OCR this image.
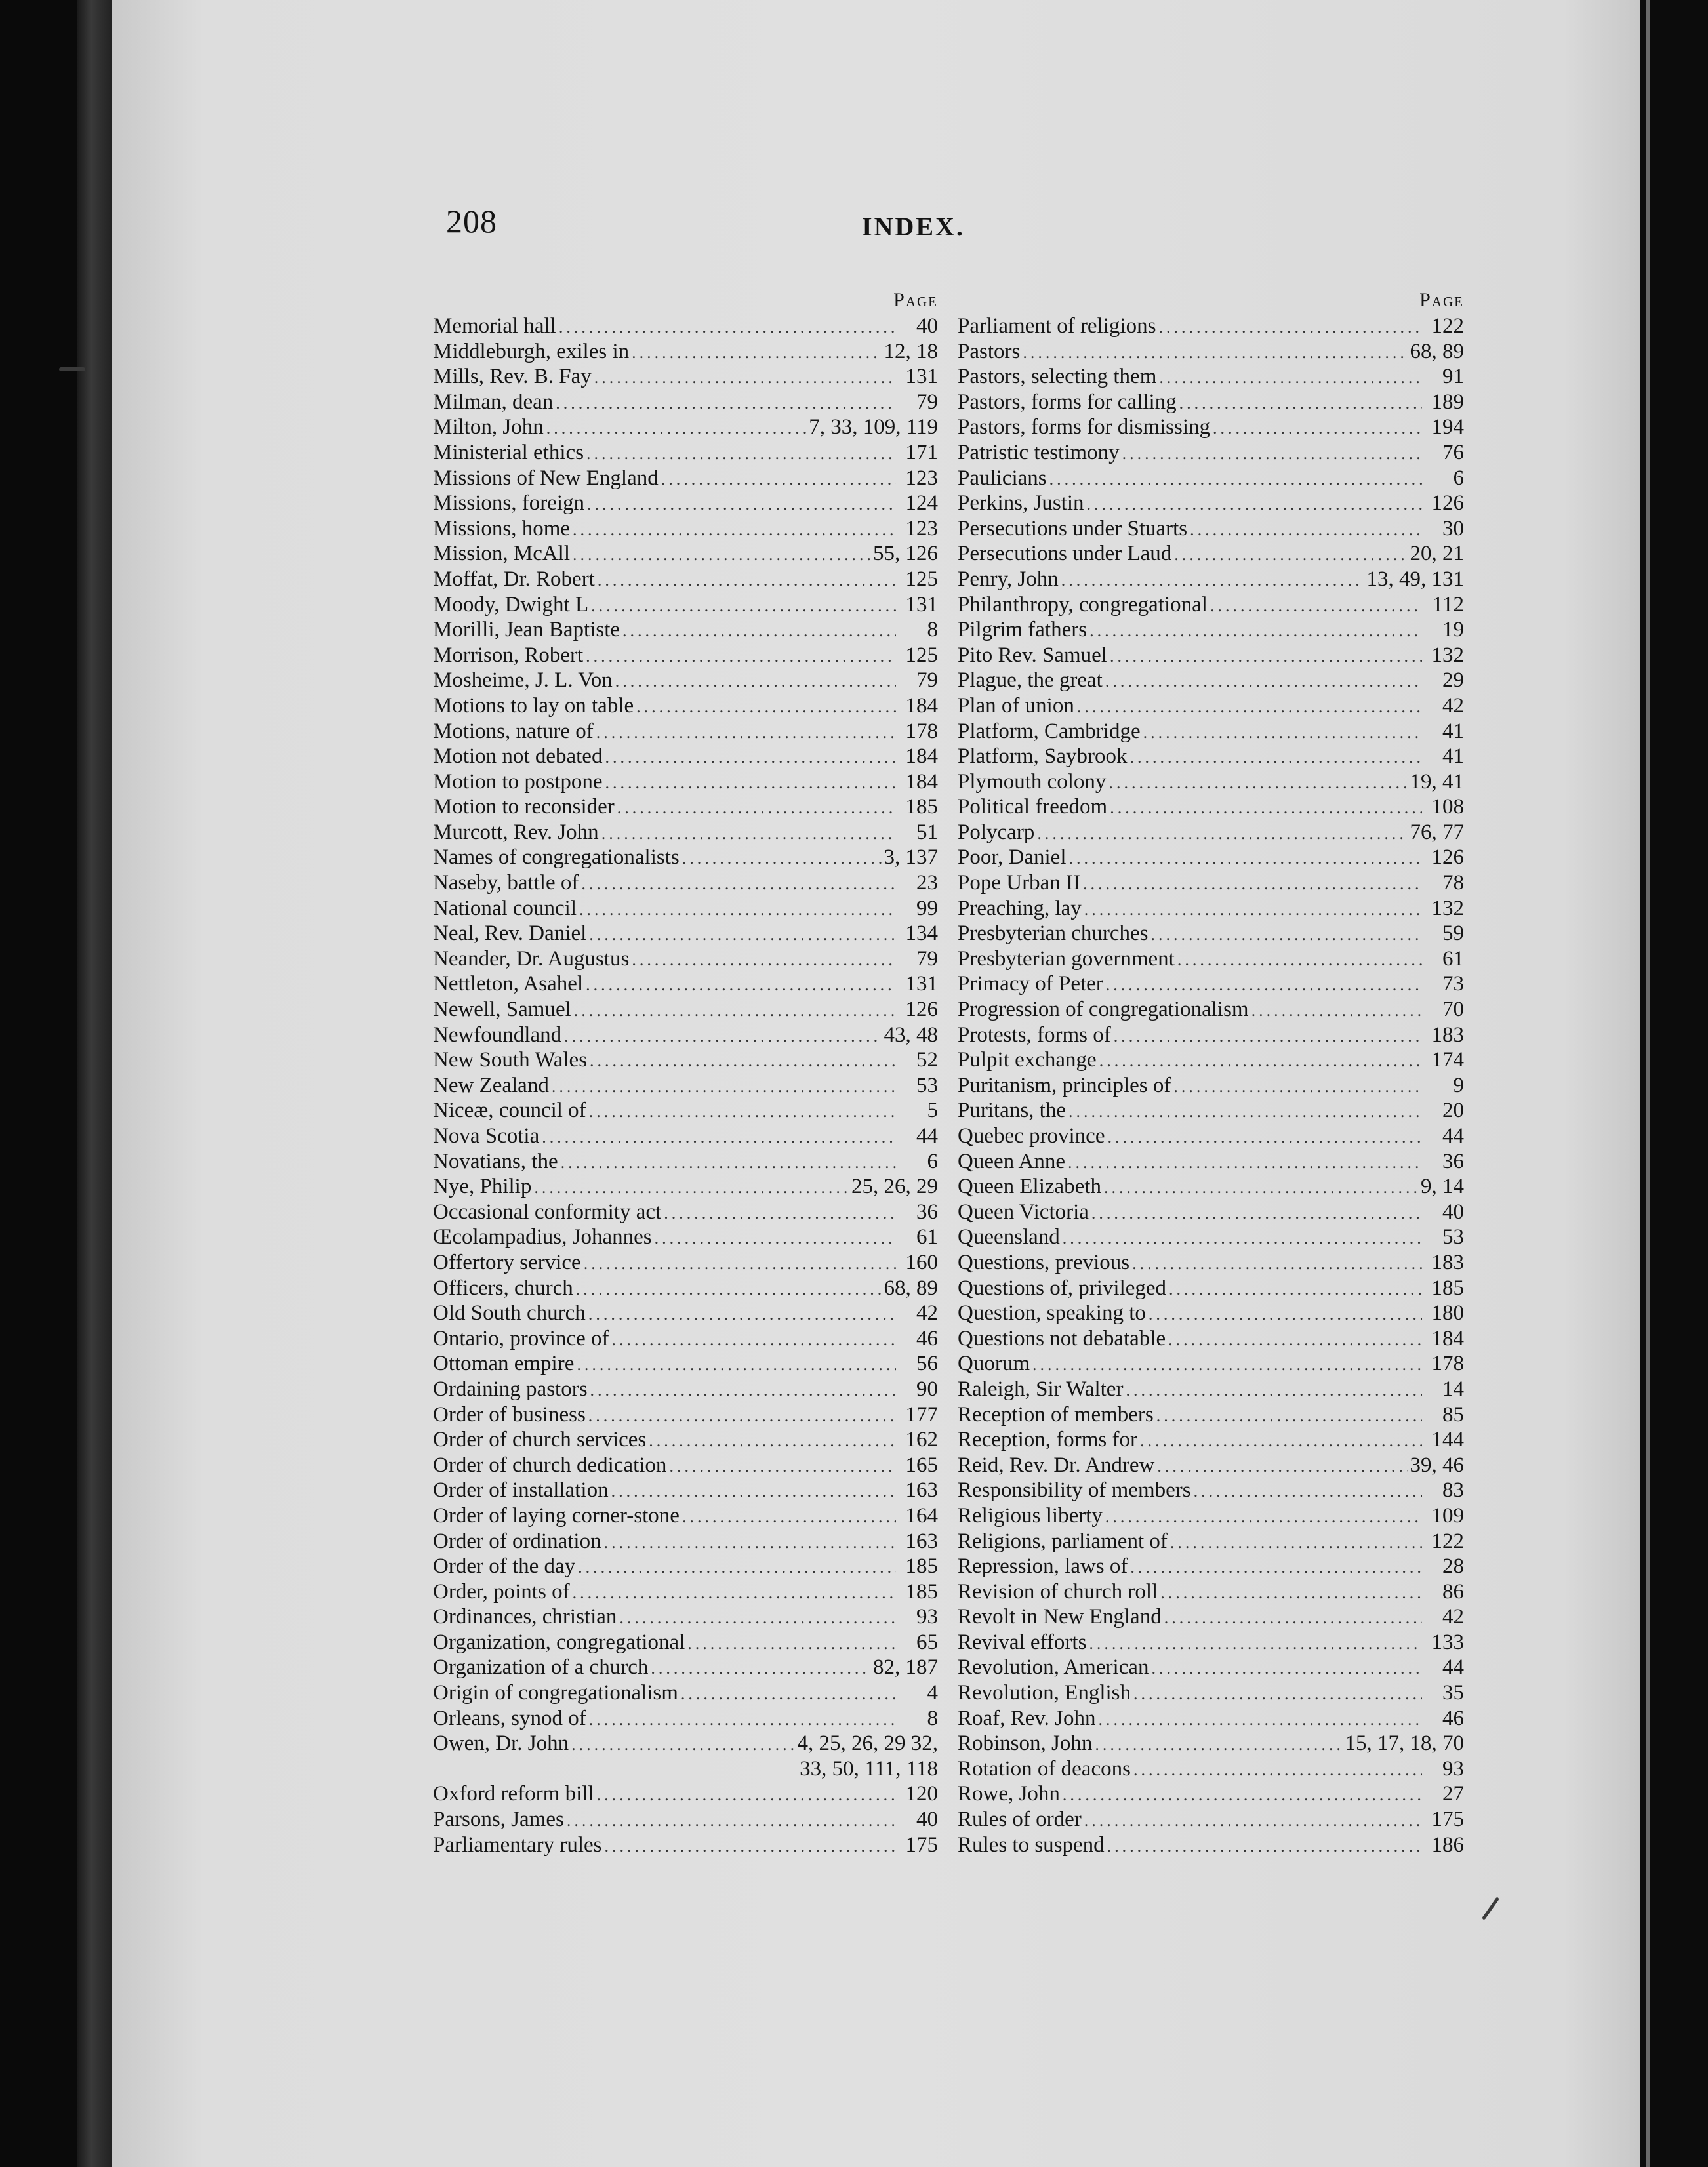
208	INDEX.
Page
Memorial hall .....	40
Middleburgh, exiles in .....	12, 18
Mills, Rev. B. Fay .....	131
Milman, dean .....	79
Milton, John .....	7, 33, 109, 119
Ministerial ethics .....	171
Missions of New England .....	123
Missions, foreign .....	124
Missions, home .....	123
Mission, McAll .....	55, 126
Moffat, Dr. Robert .....	125
Moody, Dwight L .....	131
Morilli, Jean Baptiste .....	8
Morrison, Robert .....	125
Mosheime, J. L. Von .....	79
Motions to lay on table .....	184
Motions, nature of .....	178
Motion not debated .....	184
Motion to postpone .....	184
Motion to reconsider .....	185
Murcott, Rev. John .....	51
Names of congregationalists .....	3, 137
Naseby, battle of .....	23
National council .....	99
Neal, Rev. Daniel .....	134
Neander, Dr. Augustus .....	79
Nettleton, Asahel .....	131
Newell, Samuel .....	126
Newfoundland .....	43, 48
New South Wales .....	52
New Zealand .....	53
Niceæ, council of .....	5
Nova Scotia .....	44
Novatians, the .....	6
Nye, Philip .....	25, 26, 29
Occasional conformity act .....	36
Œcolampadius, Johannes .....	61
Offertory service .....	160
Officers, church .....	68, 89
Old South church .....	42
Ontario, province of .....	46
Ottoman empire .....	56
Ordaining pastors .....	90
Order of business .....	177
Order of church services .....	162
Order of church dedication .....	165
Order of installation .....	163
Order of laying corner-stone .....	164
Order of ordination .....	163
Order of the day .....	185
Order, points of .....	185
Ordinances, christian .....	93
Organization, congregational .....	65
Organization of a church .....	82, 187
Origin of congregationalism .....	4
Orleans, synod of .....	8
Owen, Dr. John .....	4, 25, 26, 29 32,
33, 50, 111, 118
Oxford reform bill .....	120
Parsons, James .....	40
Parliamentary rules .....	175
Page
Parliament of religions .....	122
Pastors .....	68, 89
Pastors, selecting them .....	91
Pastors, forms for calling .....	189
Pastors, forms for dismissing .....	194
Patristic testimony .....	76
Paulicians .....	6
Perkins, Justin .....	126
Persecutions under Stuarts .....	30
Persecutions under Laud .....	20, 21
Penry, John .....	13, 49, 131
Philanthropy, congregational .....	112
Pilgrim fathers .....	19
Pito Rev. Samuel .....	132
Plague, the great .....	29
Plan of union .....	42
Platform, Cambridge .....	41
Platform, Saybrook .....	41
Plymouth colony .....	19, 41
Political freedom .....	108
Polycarp .....	76, 77
Poor, Daniel .....	126
Pope Urban II .....	78
Preaching, lay .....	132
Presbyterian churches .....	59
Presbyterian government .....	61
Primacy of Peter .....	73
Progression of congregationalism .....	70
Protests, forms of .....	183
Pulpit exchange .....	174
Puritanism, principles of .....	9
Puritans, the .....	20
Quebec province .....	44
Queen Anne .....	36
Queen Elizabeth .....	9, 14
Queen Victoria .....	40
Queensland .....	53
Questions, previous .....	183
Questions of, privileged .....	185
Question, speaking to .....	180
Questions not debatable .....	184
Quorum .....	178
Raleigh, Sir Walter .....	14
Reception of members .....	85
Reception, forms for .....	144
Reid, Rev. Dr. Andrew .....	39, 46
Responsibility of members .....	83
Religious liberty .....	109
Religions, parliament of .....	122
Repression, laws of .....	28
Revision of church roll .....	86
Revolt in New England .....	42
Revival efforts .....	133
Revolution, American .....	44
Revolution, English .....	35
Roaf, Rev. John .....	46
Robinson, John .....	15, 17, 18, 70
Rotation of deacons .....	93
Rowe, John .....	27
Rules of order .....	175
Rules to suspend .....	186
